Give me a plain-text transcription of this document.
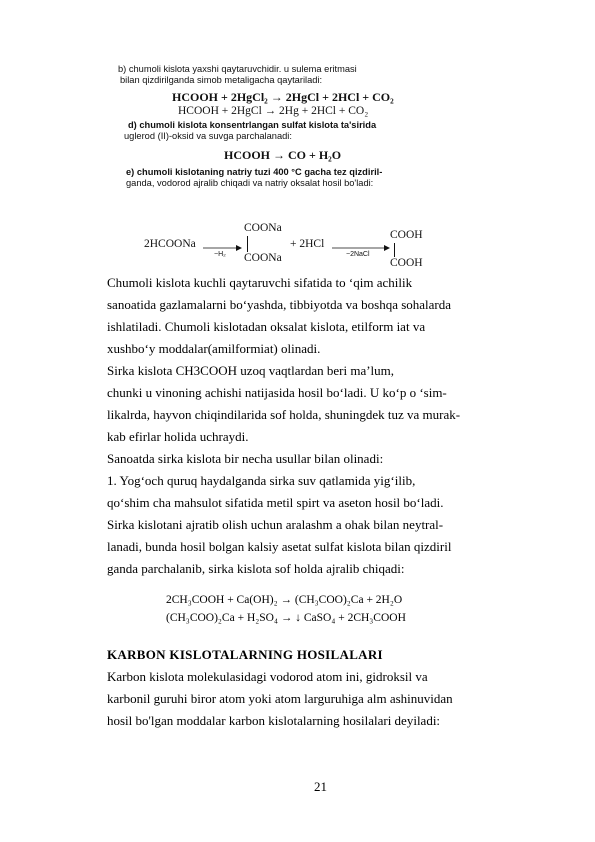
b) chumoli kislota yaxshi qaytaruvchidir. u sulema eritmasi
bilan qizdirilganda simob metaligacha qaytariladi:
HCOOH + 2HgCl₂ → 2HgCl + 2HCl + CO₂
HCOOH + 2HgCl → 2Hg + 2HCl + CO₂
d) chumoli kislota konsentrlangan sulfat kislota ta'sirida
uglerod (II)-oksid va suvga parchalanadi:
HCOOH → CO + H₂O
e) chumoli kislotaning natriy tuzi 400 °C gacha tez qizdiril-
ganda, vodorod ajralib chiqadi va natriy oksalat hosil bo'ladi:
2HCOONa →
−H₂
COONa
COONa
+ 2HCl →
−2NaCl
COOH
COOH
Chumoli kislota kuchli qaytaruvchi sifatida to ‘qim achilik
sanoatida gazlamalarni bo‘yashda, tibbiyotda va boshqa sohalarda
ishlatiladi. Chumoli kislotadan oksalat kislota, etilform iat va
xushbo‘y moddalar(amilformiat) olinadi.
Sirka kislota CH3COOH uzoq vaqtlardan beri ma’lum,
chunki u vinoning achishi natijasida hosil bo‘ladi. U ko‘p o ‘sim-
likalrda, hayvon chiqindilarida sof holda, shuningdek tuz va murak-
kab efirlar holida uchraydi.
Sanoatda sirka kislota bir necha usullar bilan olinadi:
1. Yog‘och quruq haydalganda sirka suv qatlamida yig‘ilib,
qo‘shim cha mahsulot sifatida metil spirt va aseton hosil bo‘ladi.
Sirka kislotani ajratib olish uchun aralashm a ohak bilan neytral-
lanadi, bunda hosil bolgan kalsiy asetat sulfat kislota bilan qizdiril
ganda parchalanib, sirka kislota sof holda ajralib chiqadi:
2CH₃COOH + Ca(OH)₂ → (CH₃COO)₂Ca + 2H₂O
(CH₃COO)₂Ca + H₂SO₄ → ↓ CaSO₄ + 2CH₃COOH
KARBON KISLOTALARNING HOSILALARI
Karbon kislota molekulasidagi vodorod atom ini, gidroksil va
karbonil guruhi biror atom yoki atom larguruhiga alm ashinuvidan
hosil bo'lgan moddalar karbon kislotalarning hosilalari deyiladi:
21
